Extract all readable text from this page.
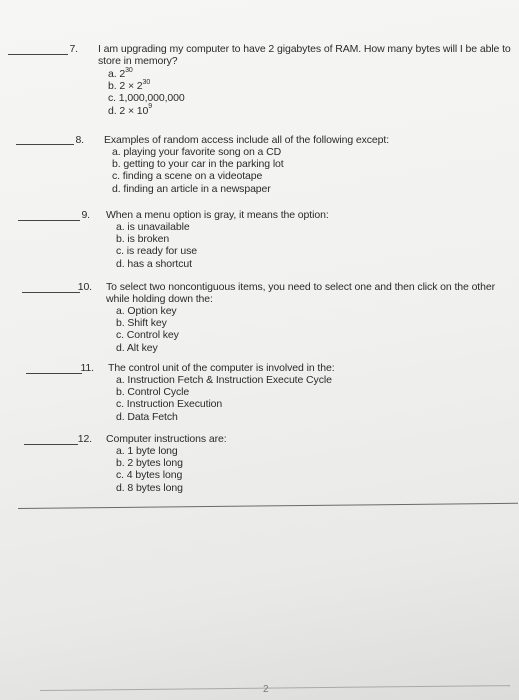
7. I am upgrading my computer to have 2 gigabytes of RAM. How many bytes will I be able to store in memory?
a. $2^{30}$
b. $2 \times 2^{30}$
c. 1,000,000,000
d. $2 \times 10^9$
8. Examples of random access include all of the following except:
a. playing your favorite song on a CD
b. getting to your car in the parking lot
c. finding a scene on a videotape
d. finding an article in a newspaper
9. When a menu option is gray, it means the option:
a. is unavailable
b. is broken
c. is ready for use
d. has a shortcut
10. To select two noncontiguous items, you need to select one and then click on the other while holding down the:
a. Option key
b. Shift key
c. Control key
d. Alt key
11. The control unit of the computer is involved in the:
a. Instruction Fetch & Instruction Execute Cycle
b. Control Cycle
c. Instruction Execution
d. Data Fetch
12. Computer instructions are:
a. 1 byte long
b. 2 bytes long
c. 4 bytes long
d. 8 bytes long
2
